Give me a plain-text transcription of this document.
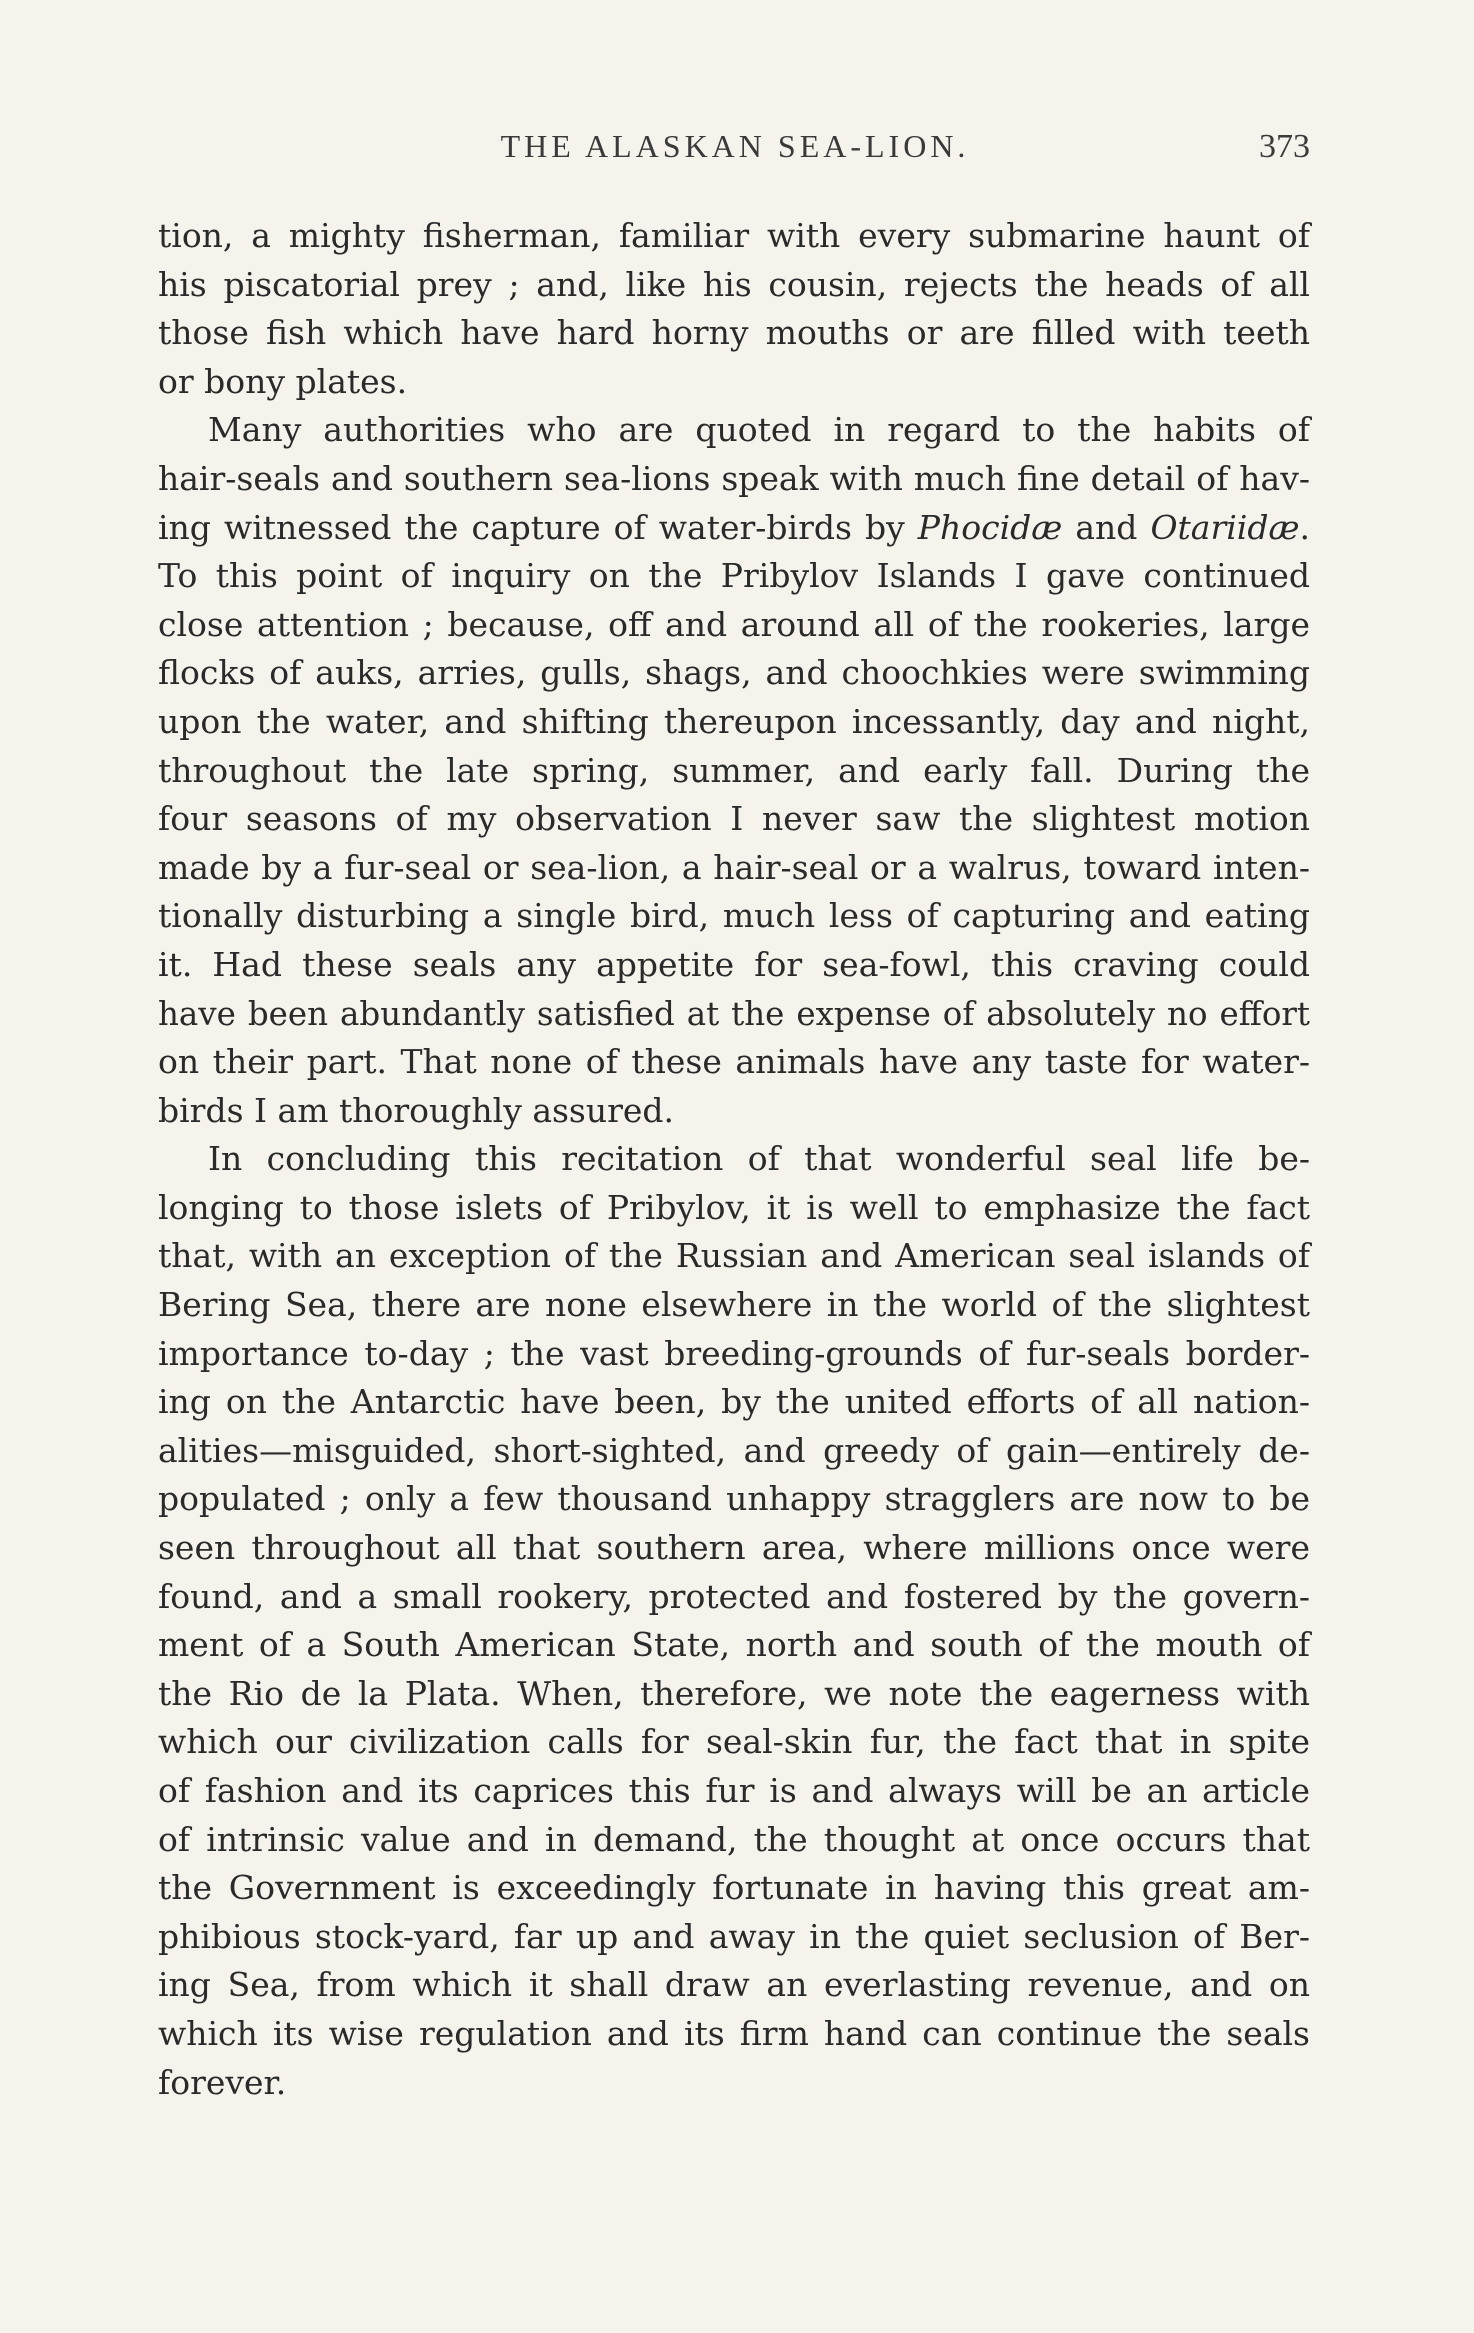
THE ALASKAN SEA-LION.	373
tion, a mighty fisherman, familiar with every submarine haunt of
his piscatorial prey ; and, like his cousin, rejects the heads of all
those fish which have hard horny mouths or are filled with teeth
or bony plates.
Many authorities who are quoted in regard to the habits of
hair-seals and southern sea-lions speak with much fine detail of hav-
ing witnessed the capture of water-birds by Phocidæ and Otariidæ.
To this point of inquiry on the Pribylov Islands I gave continued
close attention ; because, off and around all of the rookeries, large
flocks of auks, arries, gulls, shags, and choochkies were swimming
upon the water, and shifting thereupon incessantly, day and night,
throughout the late spring, summer, and early fall. During the
four seasons of my observation I never saw the slightest motion
made by a fur-seal or sea-lion, a hair-seal or a walrus, toward inten-
tionally disturbing a single bird, much less of capturing and eating
it. Had these seals any appetite for sea-fowl, this craving could
have been abundantly satisfied at the expense of absolutely no effort
on their part. That none of these animals have any taste for water-
birds I am thoroughly assured.
In concluding this recitation of that wonderful seal life be-
longing to those islets of Pribylov, it is well to emphasize the fact
that, with an exception of the Russian and American seal islands of
Bering Sea, there are none elsewhere in the world of the slightest
importance to-day ; the vast breeding-grounds of fur-seals border-
ing on the Antarctic have been, by the united efforts of all nation-
alities—misguided, short-sighted, and greedy of gain—entirely de-
populated ; only a few thousand unhappy stragglers are now to be
seen throughout all that southern area, where millions once were
found, and a small rookery, protected and fostered by the govern-
ment of a South American State, north and south of the mouth of
the Rio de la Plata. When, therefore, we note the eagerness with
which our civilization calls for seal-skin fur, the fact that in spite
of fashion and its caprices this fur is and always will be an article
of intrinsic value and in demand, the thought at once occurs that
the Government is exceedingly fortunate in having this great am-
phibious stock-yard, far up and away in the quiet seclusion of Ber-
ing Sea, from which it shall draw an everlasting revenue, and on
which its wise regulation and its firm hand can continue the seals
forever.
